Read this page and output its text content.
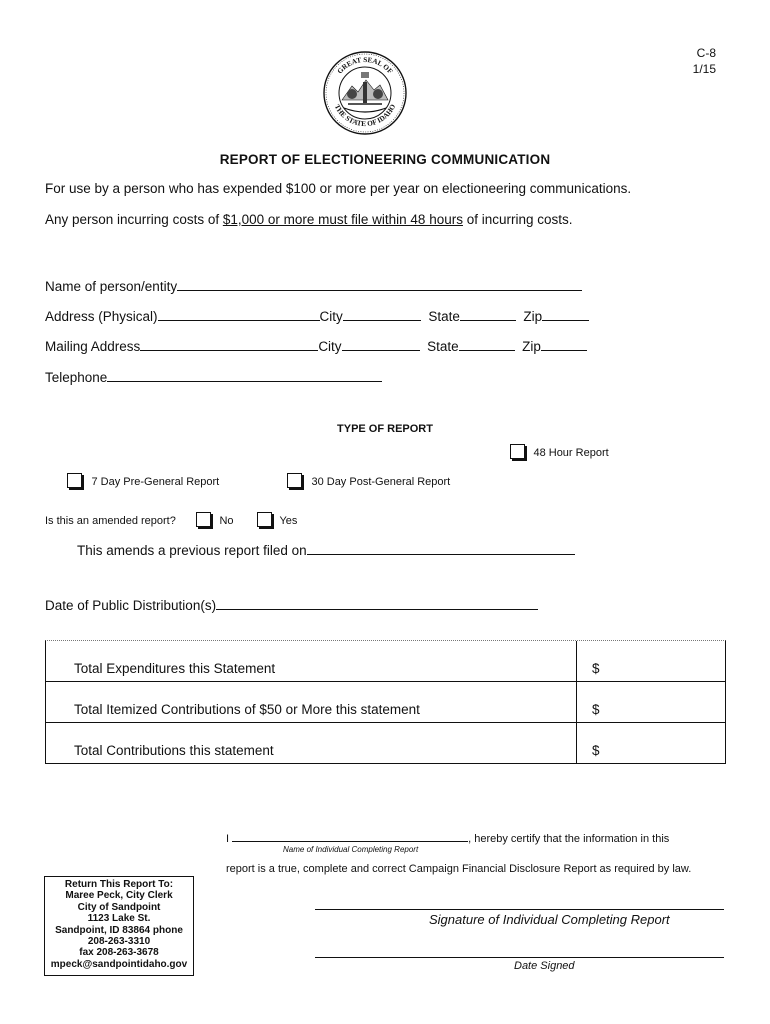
C-8
1/15
GREAT SEAL OF
THE STATE OF IDAHO
REPORT OF ELECTIONEERING COMMUNICATION
For use by a person who has expended $100 or more per year on electioneering communications.
Any person incurring costs of $1,000 or more must file within 48 hours of incurring costs.
Name of person/entity
Address (Physical)	City	State	Zip
Mailing Address	City	State	Zip
Telephone
TYPE OF REPORT
48 Hour Report
7 Day Pre-General Report	30 Day Post-General Report
Is this an amended report?	No	Yes
This amends a previous report filed on
Date of Public Distribution(s)
Total Expenditures this Statement	$
Total Itemized Contributions of $50 or More this statement	$
Total Contributions this statement	$
I	, hereby certify that the information in this
Name of Individual Completing Report
report is a true, complete and correct Campaign Financial Disclosure Report as required by law.
Return This Report To:
Maree Peck, City Clerk
City of Sandpoint
1123 Lake St.
Sandpoint, ID 83864 phone
208-263-3310
fax 208-263-3678
mpeck@sandpointidaho.gov
Signature of Individual Completing Report
Date Signed
